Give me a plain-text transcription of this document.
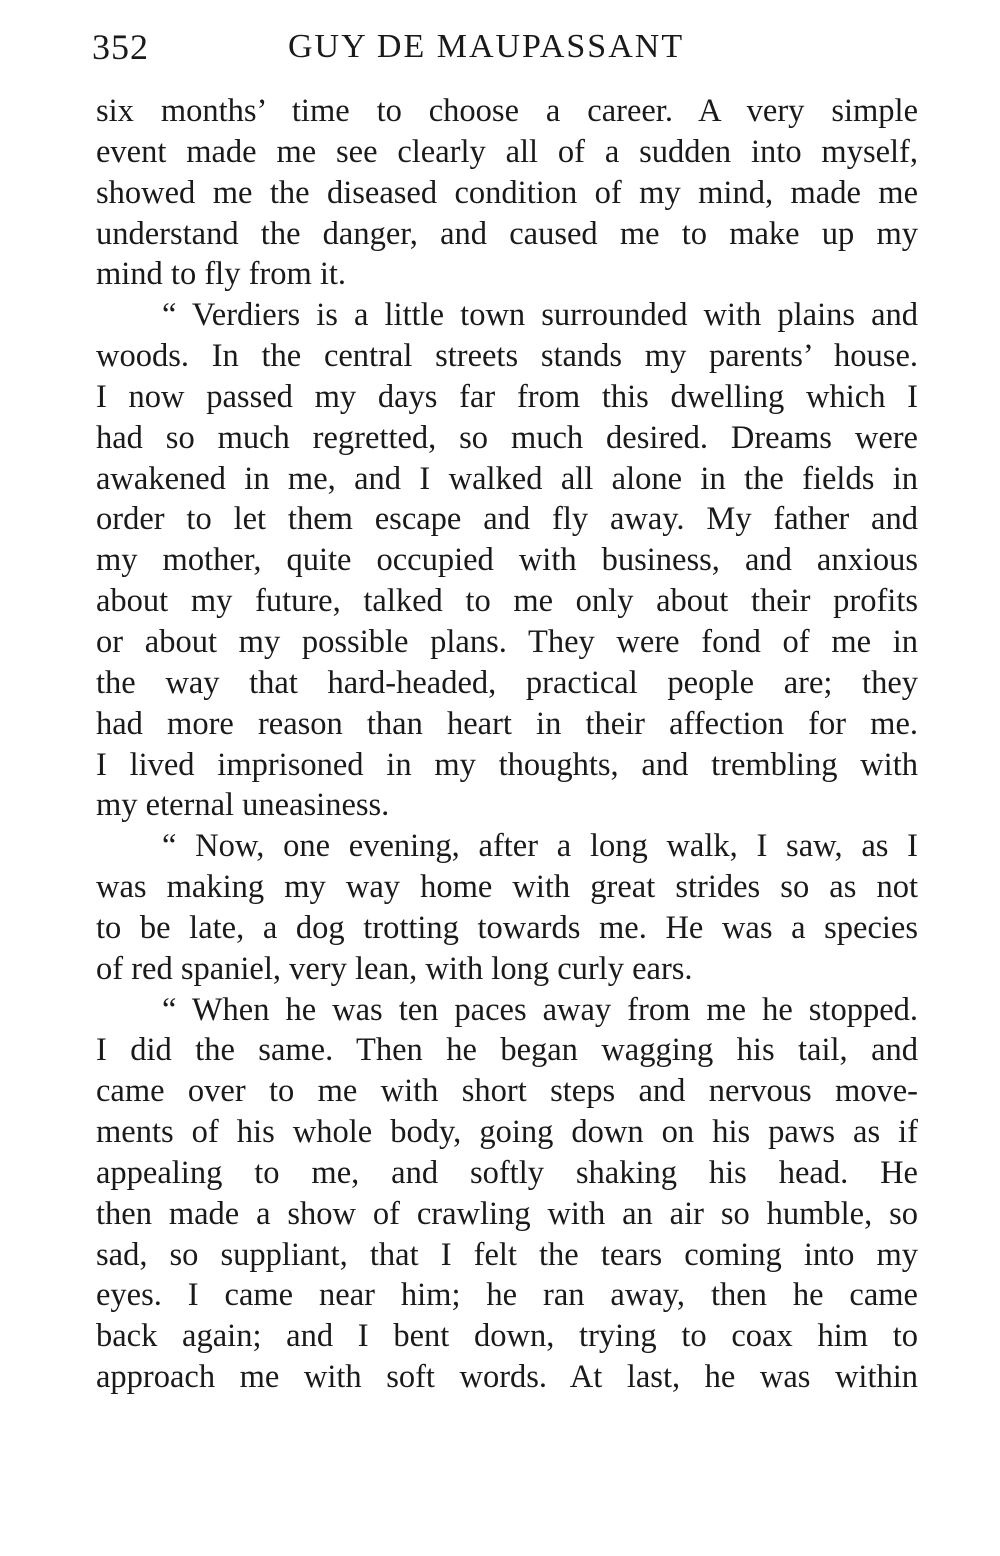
352	GUY DE MAUPASSANT
six months’ time to choose a career. A very simple
event made me see clearly all of a sudden into myself,
showed me the diseased condition of my mind, made me
understand the danger, and caused me to make up my
mind to fly from it.
“ Verdiers is a little town surrounded with plains and
woods. In the central streets stands my parents’ house.
I now passed my days far from this dwelling which I
had so much regretted, so much desired. Dreams were
awakened in me, and I walked all alone in the fields in
order to let them escape and fly away. My father and
my mother, quite occupied with business, and anxious
about my future, talked to me only about their profits
or about my possible plans. They were fond of me in
the way that hard-headed, practical people are; they
had more reason than heart in their affection for me.
I lived imprisoned in my thoughts, and trembling with
my eternal uneasiness.
“ Now, one evening, after a long walk, I saw, as I
was making my way home with great strides so as not
to be late, a dog trotting towards me. He was a species
of red spaniel, very lean, with long curly ears.
“ When he was ten paces away from me he stopped.
I did the same. Then he began wagging his tail, and
came over to me with short steps and nervous move-
ments of his whole body, going down on his paws as if
appealing to me, and softly shaking his head. He
then made a show of crawling with an air so humble, so
sad, so suppliant, that I felt the tears coming into my
eyes. I came near him; he ran away, then he came
back again; and I bent down, trying to coax him to
approach me with soft words. At last, he was within
